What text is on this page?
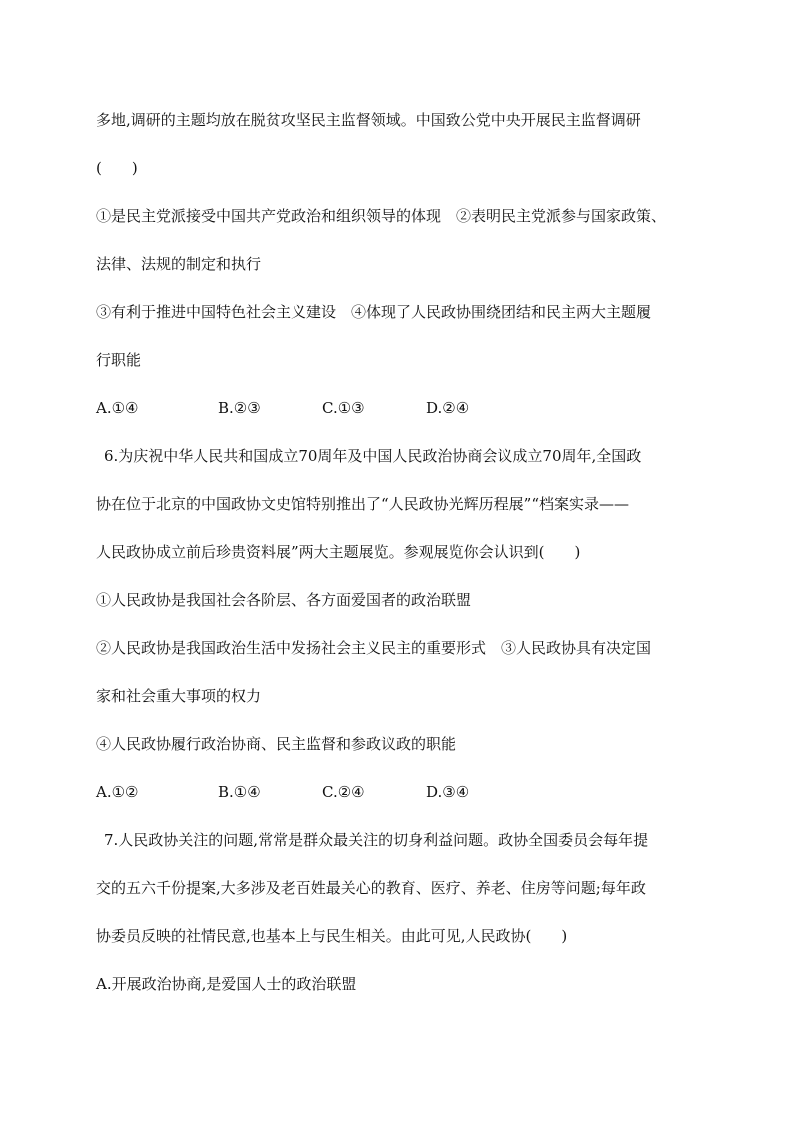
多地,调研的主题均放在脱贫攻坚民主监督领域。中国致公党中央开展民主监督调研
(　　)
①是民主党派接受中国共产党政治和组织领导的体现　②表明民主党派参与国家政策、
法律、法规的制定和执行
③有利于推进中国特色社会主义建设　④体现了人民政协围绕团结和民主两大主题履
行职能
A.①④	B.②③	C.①③	D.②④
6.为庆祝中华人民共和国成立70周年及中国人民政治协商会议成立70周年,全国政
协在位于北京的中国政协文史馆特别推出了“人民政协光辉历程展”“档案实录——
人民政协成立前后珍贵资料展”两大主题展览。参观展览你会认识到(　　)
①人民政协是我国社会各阶层、各方面爱国者的政治联盟
②人民政协是我国政治生活中发扬社会主义民主的重要形式　③人民政协具有决定国
家和社会重大事项的权力
④人民政协履行政治协商、民主监督和参政议政的职能
A.①②	B.①④	C.②④	D.③④
7.人民政协关注的问题,常常是群众最关注的切身利益问题。政协全国委员会每年提
交的五六千份提案,大多涉及老百姓最关心的教育、医疗、养老、住房等问题;每年政
协委员反映的社情民意,也基本上与民生相关。由此可见,人民政协(　　)
A.开展政治协商,是爱国人士的政治联盟
